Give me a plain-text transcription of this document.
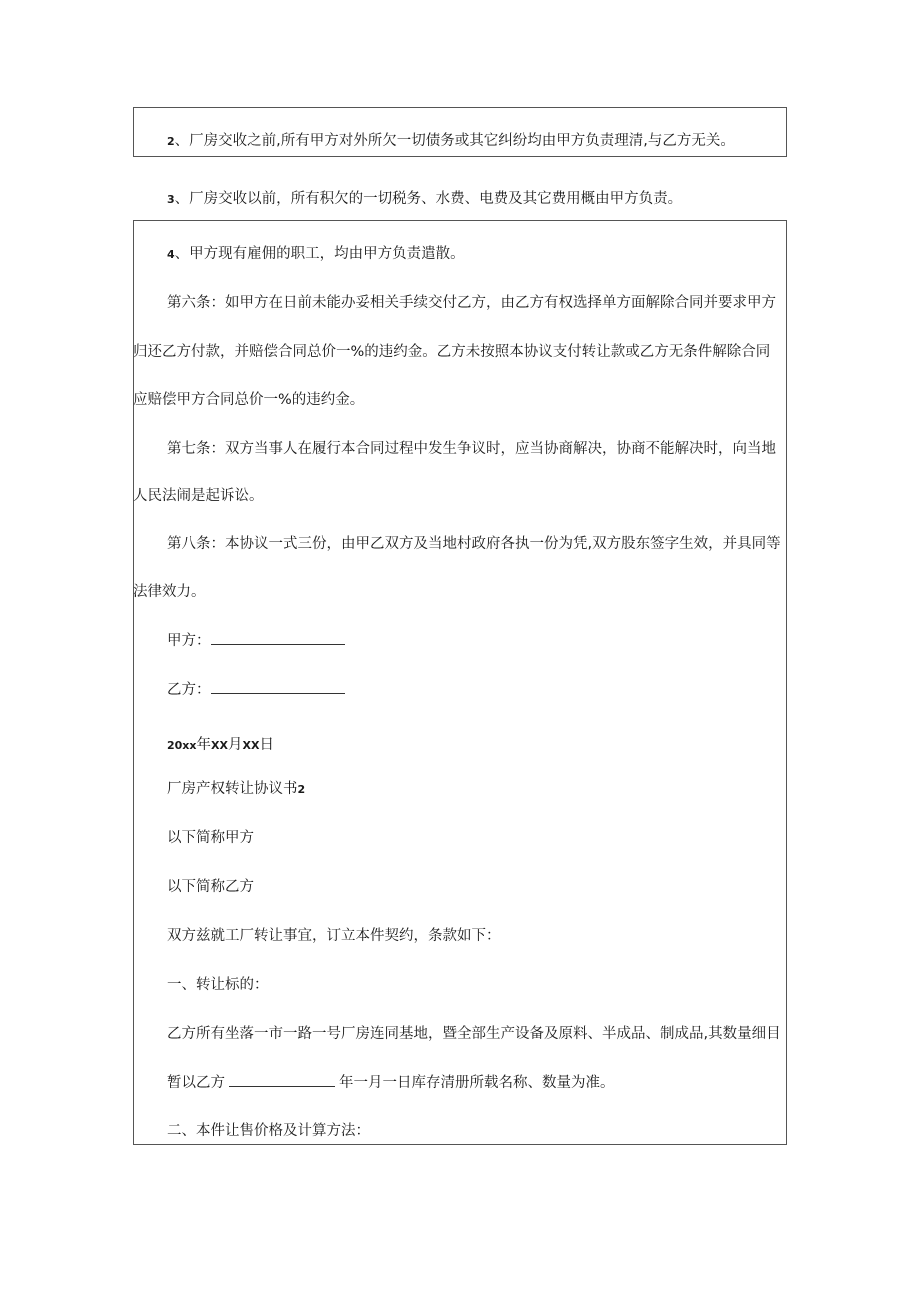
2、厂房交收之前,所有甲方对外所欠一切债务或其它纠纷均由甲方负责理清,与乙方无关。
3、厂房交收以前，所有积欠的一切税务、水费、电费及其它费用概由甲方负责。
4、甲方现有雇佣的职工，均由甲方负责遣散。
第六条：如甲方在日前未能办妥相关手续交付乙方，由乙方有权选择单方面解除合同并要求甲方
归还乙方付款，并赔偿合同总价一%的违约金。乙方未按照本协议支付转让款或乙方无条件解除合同
应赔偿甲方合同总价一%的违约金。
第七条：双方当事人在履行本合同过程中发生争议时，应当协商解决，协商不能解决时，向当地
人民法闹是起诉讼。
第八条：本协议一式三份，由甲乙双方及当地村政府各执一份为凭,双方股东签字生效，并具同等
法律效力。
甲方：
乙方：
20xx年XX月XX日
厂房产权转让协议书2
以下简称甲方
以下简称乙方
双方兹就工厂转让事宜，订立本件契约，条款如下：
一、转让标的：
乙方所有坐落一市一路一号厂房连同基地，暨全部生产设备及原料、半成品、制成品,其数量细目
暂以乙方	年一月一日库存清册所载名称、数量为准。
二、本件让售价格及计算方法：
